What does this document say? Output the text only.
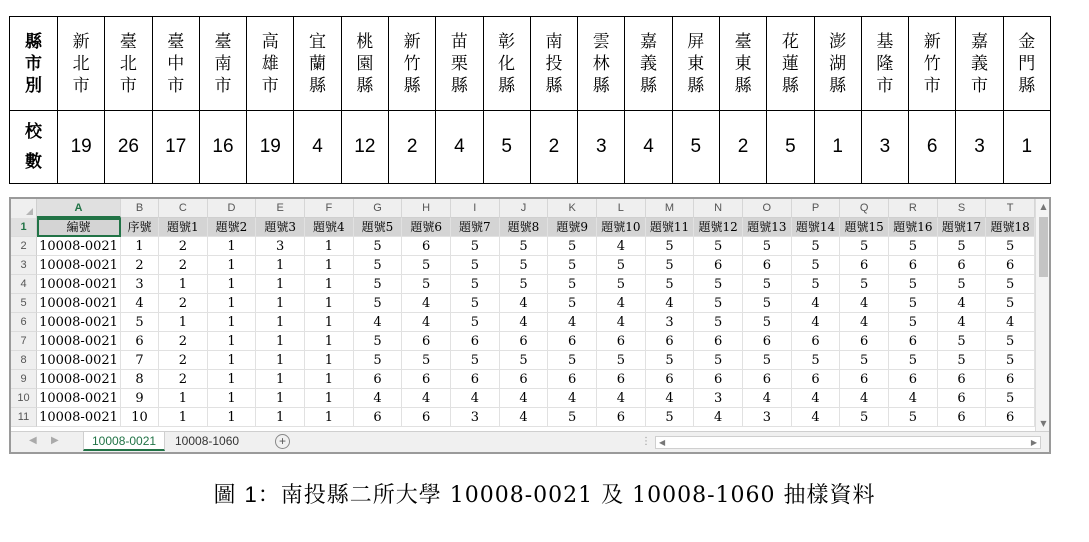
縣市別	新北市	臺北市	臺中市	臺南市	高雄市	宜蘭縣	桃園縣	新竹縣	苗栗縣	彰化縣	南投縣	雲林縣	嘉義縣	屏東縣	臺東縣	花蓮縣	澎湖縣	基隆市	新竹市	嘉義市	金門縣
校數	19	26	17	16	19	4	12	2	4	5	2	3	4	5	2	5	1	3	6	3	1
A	B	C	D	E	F	G	H	I	J	K	L	M	N	O	P	Q	R	S	T
1	編號	序號	題號1	題號2	題號3	題號4	題號5	題號6	題號7	題號8	題號9	題號10 題號11 題號12 題號13 題號14 題號15 題號16 題號17 題號18
2 10008-0021	1	2	1	3	1	5	6	5	5	5	4	5	5	5	5	5	5	5	5
3 10008-0021	2	2	1	1	1	5	5	5	5	5	5	5	6	6	5	6	6	6	6
4 10008-0021	3	1	1	1	1	5	5	5	5	5	5	5	5	5	5	5	5	5	5
5 10008-0021	4	2	1	1	1	5	4	5	4	5	4	4	5	5	4	4	5	4	5
6 10008-0021	5	1	1	1	1	4	4	5	4	4	4	3	5	5	4	4	5	4	4
7 10008-0021	6	2	1	1	1	5	6	6	6	6	6	6	6	6	6	6	6	5	5
8 10008-0021	7	2	1	1	1	5	5	5	5	5	5	5	5	5	5	5	5	5	5
9 10008-0021	8	2	1	1	1	6	6	6	6	6	6	6	6	6	6	6	6	6	6
10 10008-0021	9	1	1	1	1	4	4	4	4	4	4	4	3	4	4	4	4	6	5
11 10008-0021	10	1	1	1	1	6	6	3	4	5	6	5	4	3	4	5	5	6	6
▲
▼
◀ ▶	10008-0021	10008-1060	+	⋮ ◀	▶
圖 1：南投縣二所大學 10008-0021 及 10008-1060 抽樣資料
